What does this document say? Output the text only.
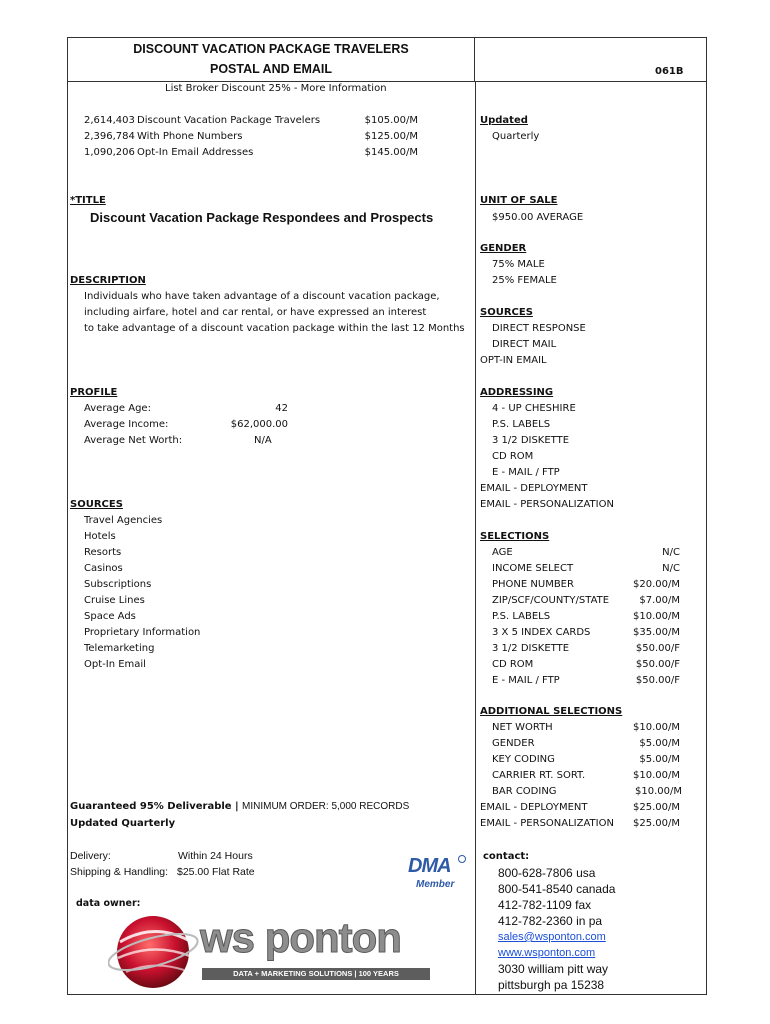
DISCOUNT VACATION PACKAGE TRAVELERS
POSTAL AND EMAIL	061B
List Broker Discount 25% - More Information
2,614,403 Discount Vacation Package Travelers	$105.00/M
2,396,784 With Phone Numbers	$125.00/M
1,090,206 Opt-In Email Addresses	$145.00/M
Updated
Quarterly
*TITLE
Discount Vacation Package Respondees and Prospects
UNIT OF SALE
$950.00 AVERAGE
GENDER
75% MALE
25% FEMALE
DESCRIPTION
Individuals who have taken advantage of a discount vacation package,
including airfare, hotel and car rental, or have expressed an interest
to take advantage of a discount vacation package within the last 12 Months
SOURCES
DIRECT RESPONSE
DIRECT MAIL
OPT-IN EMAIL
PROFILE
Average Age:	42
Average Income:	$62,000.00
Average Net Worth:	N/A
ADDRESSING
4 - UP CHESHIRE
P.S. LABELS
3 1/2 DISKETTE
CD ROM
E - MAIL / FTP
EMAIL - DEPLOYMENT
EMAIL - PERSONALIZATION
SOURCES
Travel Agencies
Hotels
Resorts
Casinos
Subscriptions
Cruise Lines
Space Ads
Proprietary Information
Telemarketing
Opt-In Email
SELECTIONS
AGE	N/C
INCOME SELECT	N/C
PHONE NUMBER	$20.00/M
ZIP/SCF/COUNTY/STATE	$7.00/M
P.S. LABELS	$10.00/M
3 X 5 INDEX CARDS	$35.00/M
3 1/2 DISKETTE	$50.00/F
CD ROM	$50.00/F
E - MAIL / FTP	$50.00/F
ADDITIONAL SELECTIONS
NET WORTH	$10.00/M
GENDER	$5.00/M
KEY CODING	$5.00/M
CARRIER RT. SORT.	$10.00/M
BAR CODING	$10.00/M
EMAIL - DEPLOYMENT	$25.00/M
EMAIL - PERSONALIZATION	$25.00/M
Guaranteed 95% Deliverable | MINIMUM ORDER: 5,000 RECORDS
Updated Quarterly
Delivery:	Within 24 Hours
Shipping & Handling: $25.00 Flat Rate
data owner:
DMA
Member
ws ponton
DATA + MARKETING SOLUTIONS | 100 YEARS
contact:
800-628-7806 usa
800-541-8540 canada
412-782-1109 fax
412-782-2360 in pa
sales@wsponton.com
www.wsponton.com
3030 william pitt way
pittsburgh pa 15238
